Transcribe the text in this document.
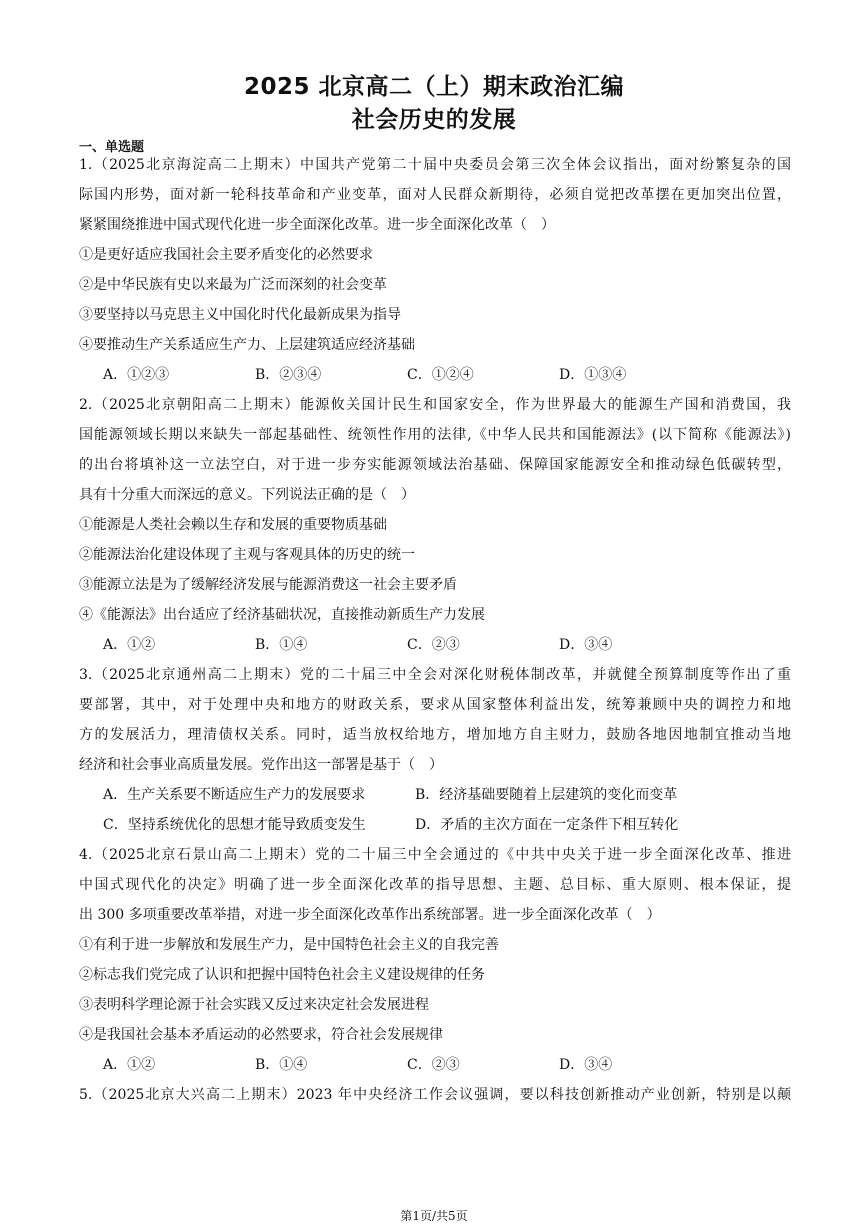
2025 北京高二（上）期末政治汇编
社会历史的发展
一、单选题
1.（2025北京海淀高二上期末）中国共产党第二十届中央委员会第三次全体会议指出，面对纷繁复杂的国
际国内形势，面对新一轮科技革命和产业变革，面对人民群众新期待，必须自觉把改革摆在更加突出位置，
紧紧围绕推进中国式现代化进一步全面深化改革。进一步全面深化改革（　）
①是更好适应我国社会主要矛盾变化的必然要求
②是中华民族有史以来最为广泛而深刻的社会变革
③要坚持以马克思主义中国化时代化最新成果为指导
④要推动生产关系适应生产力、上层建筑适应经济基础
A．①②③	B．②③④	C．①②④	D．①③④
2.（2025北京朝阳高二上期末）能源攸关国计民生和国家安全，作为世界最大的能源生产国和消费国，我
国能源领域长期以来缺失一部起基础性、统领性作用的法律,《中华人民共和国能源法》(以下简称《能源法》)
的出台将填补这一立法空白，对于进一步夯实能源领域法治基础、保障国家能源安全和推动绿色低碳转型，
具有十分重大而深远的意义。下列说法正确的是（　）
①能源是人类社会赖以生存和发展的重要物质基础
②能源法治化建设体现了主观与客观具体的历史的统一
③能源立法是为了缓解经济发展与能源消费这一社会主要矛盾
④《能源法》出台适应了经济基础状况，直接推动新质生产力发展
A．①②	B．①④	C．②③	D．③④
3.（2025北京通州高二上期末）党的二十届三中全会对深化财税体制改革，并就健全预算制度等作出了重
要部署，其中，对于处理中央和地方的财政关系，要求从国家整体利益出发，统筹兼顾中央的调控力和地
方的发展活力，理清债权关系。同时，适当放权给地方，增加地方自主财力，鼓励各地因地制宜推动当地
经济和社会事业高质量发展。党作出这一部署是基于（　）
A．生产关系要不断适应生产力的发展要求	B．经济基础要随着上层建筑的变化而变革
C．坚持系统优化的思想才能导致质变发生	D．矛盾的主次方面在一定条件下相互转化
4.（2025北京石景山高二上期末）党的二十届三中全会通过的《中共中央关于进一步全面深化改革、推进
中国式现代化的决定》明确了进一步全面深化改革的指导思想、主题、总目标、重大原则、根本保证，提
出 300 多项重要改革举措，对进一步全面深化改革作出系统部署。进一步全面深化改革（　）
①有利于进一步解放和发展生产力，是中国特色社会主义的自我完善
②标志我们党完成了认识和把握中国特色社会主义建设规律的任务
③表明科学理论源于社会实践又反过来决定社会发展进程
④是我国社会基本矛盾运动的必然要求，符合社会发展规律
A．①②	B．①④	C．②③	D．③④
5.（2025北京大兴高二上期末）2023 年中央经济工作会议强调，要以科技创新推动产业创新，特别是以颠
第1页/共5页
